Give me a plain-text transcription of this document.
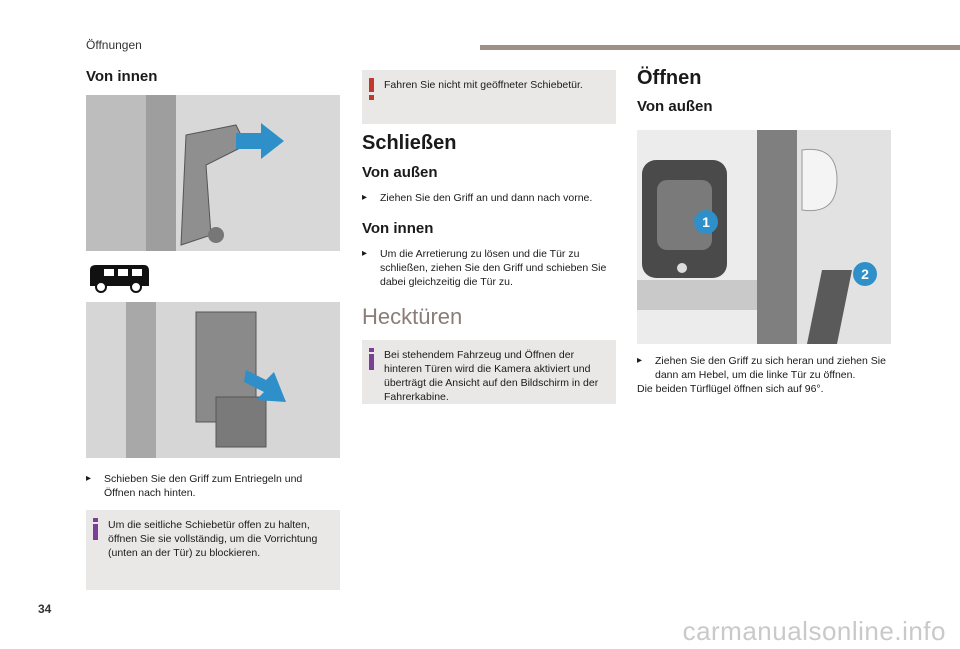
Öffnungen
Von innen
▸	Schieben Sie den Griff zum Entriegeln und Öffnen nach hinten.
Um die seitliche Schiebetür offen zu halten, öffnen Sie sie vollständig, um die Vorrichtung (unten an der Tür) zu blockieren.
Fahren Sie nicht mit geöffneter Schiebetür.
Schließen
Von außen
▸	Ziehen Sie den Griff an und dann nach vorne.
Von innen
▸	Um die Arretierung zu lösen und die Tür zu schließen, ziehen Sie den Griff und schieben Sie dabei gleichzeitig die Tür zu.
Hecktüren
Bei stehendem Fahrzeug und Öffnen der hinteren Türen wird die Kamera aktiviert und überträgt die Ansicht auf den Bildschirm in der Fahrerkabine.
Öffnen
Von außen
1
2
▸	Ziehen Sie den Griff zu sich heran und ziehen Sie dann am Hebel, um die linke Tür zu öffnen.
Die beiden Türflügel öffnen sich auf 96°.
34
carmanualsonline.info
